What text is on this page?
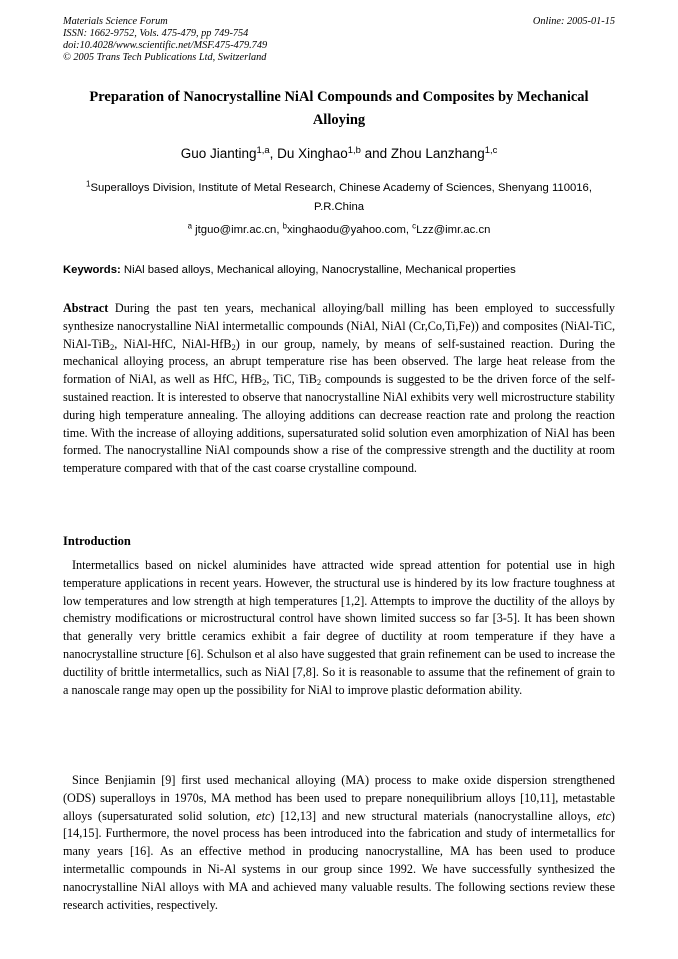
Materials Science Forum
ISSN: 1662-9752, Vols. 475-479, pp 749-754
doi:10.4028/www.scientific.net/MSF.475-479.749
© 2005 Trans Tech Publications Ltd, Switzerland
Online: 2005-01-15
Preparation of Nanocrystalline NiAl Compounds and Composites by Mechanical Alloying
Guo Jianting$^{1,a}$, Du Xinghao$^{1,b}$ and Zhou Lanzhang$^{1,c}$
$^1$Superalloys Division, Institute of Metal Research, Chinese Academy of Sciences, Shenyang 110016, P.R.China
$^a$ jtguo@imr.ac.cn, $^b$xinghaodu@yahoo.com, $^c$Lzz@imr.ac.cn
Keywords: NiAl based alloys, Mechanical alloying, Nanocrystalline, Mechanical properties
Abstract During the past ten years, mechanical alloying/ball milling has been employed to successfully synthesize nanocrystalline NiAl intermetallic compounds (NiAl, NiAl (Cr,Co,Ti,Fe)) and composites (NiAl-TiC, NiAl-TiB$_2$, NiAl-HfC, NiAl-HfB$_2$) in our group, namely, by means of self-sustained reaction. During the mechanical alloying process, an abrupt temperature rise has been observed. The large heat release from the formation of NiAl, as well as HfC, HfB$_2$, TiC, TiB$_2$ compounds is suggested to be the driven force of the self-sustained reaction. It is interested to observe that nanocrystalline NiAl exhibits very well microstructure stability during high temperature annealing. The alloying additions can decrease reaction rate and prolong the reaction time. With the increase of alloying additions, supersaturated solid solution even amorphization of NiAl has been formed. The nanocrystalline NiAl compounds show a rise of the compressive strength and the ductility at room temperature compared with that of the cast coarse crystalline compound.
Introduction
Intermetallics based on nickel aluminides have attracted wide spread attention for potential use in high temperature applications in recent years. However, the structural use is hindered by its low fracture toughness at low temperatures and low strength at high temperatures [1,2]. Attempts to improve the ductility of the alloys by chemistry modifications or microstructural control have shown limited success so far [3-5]. It has been shown that generally very brittle ceramics exhibit a fair degree of ductility at room temperature if they have a nanocrystalline structure [6]. Schulson et al also have suggested that grain refinement can be used to increase the ductility of brittle intermetallics, such as NiAl [7,8]. So it is reasonable to assume that the refinement of grain to a nanoscale range may open up the possibility for NiAl to improve plastic deformation ability.
Since Benjiamin [9] first used mechanical alloying (MA) process to make oxide dispersion strengthened (ODS) superalloys in 1970s, MA method has been used to prepare nonequilibrium alloys [10,11], metastable alloys (supersaturated solid solution, etc) [12,13] and new structural materials (nanocrystalline alloys, etc) [14,15]. Furthermore, the novel process has been introduced into the fabrication and study of intermetallics for many years [16]. As an effective method in producing nanocrystalline, MA has been used to produce intermetallic compounds in Ni-Al systems in our group since 1992. We have successfully synthesized the nanocrystalline NiAl alloys with MA and achieved many valuable results. The following sections review these research activities, respectively.
